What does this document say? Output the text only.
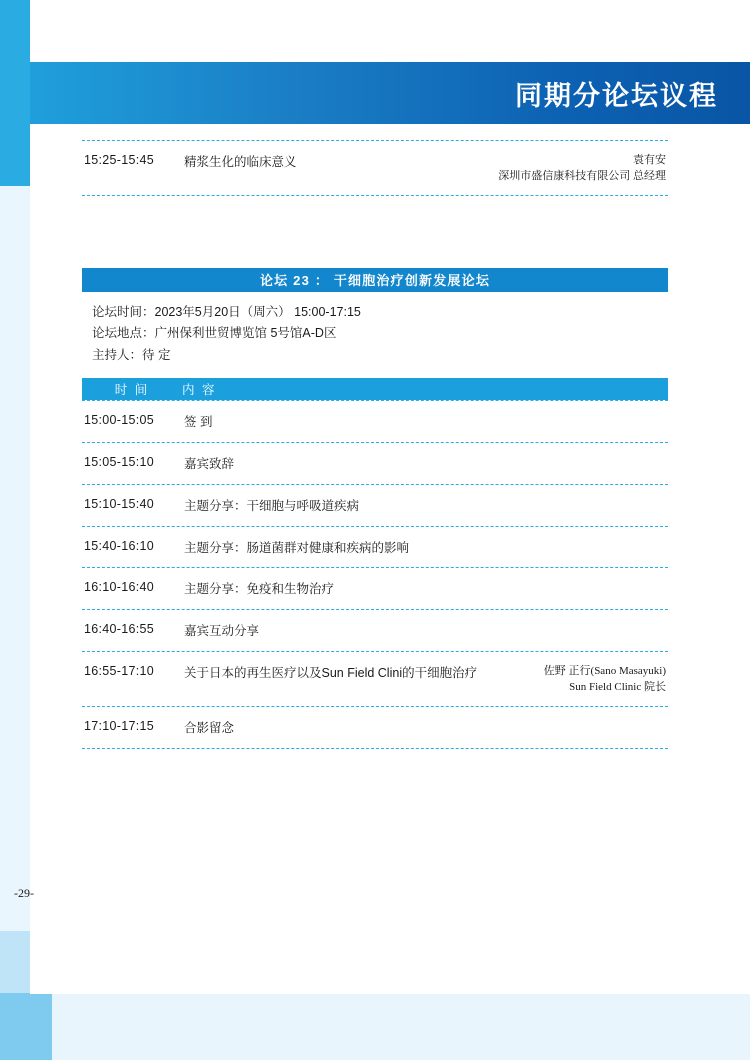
同期分论坛议程
15:25-15:45	精浆生化的临床意义	袁有安
深圳市盛信康科技有限公司 总经理
论坛 23 ： 干细胞治疗创新发展论坛
论坛时间：2023年5月20日（周六） 15:00-17:15
论坛地点：广州保利世贸博览馆 5号馆A-D区
主持人：待 定
时 间	内 容
15:00-15:05	签 到
15:05-15:10	嘉宾致辞
15:10-15:40	主题分享：干细胞与呼吸道疾病
15:40-16:10	主题分享：肠道菌群对健康和疾病的影响
16:10-16:40	主题分享：免疫和生物治疗
16:40-16:55	嘉宾互动分享
16:55-17:10	关于日本的再生医疗以及Sun Field Clini的干细胞治疗	佐野 正行(Sano Masayuki)
Sun Field Clinic 院长
17:10-17:15	合影留念
-29-
